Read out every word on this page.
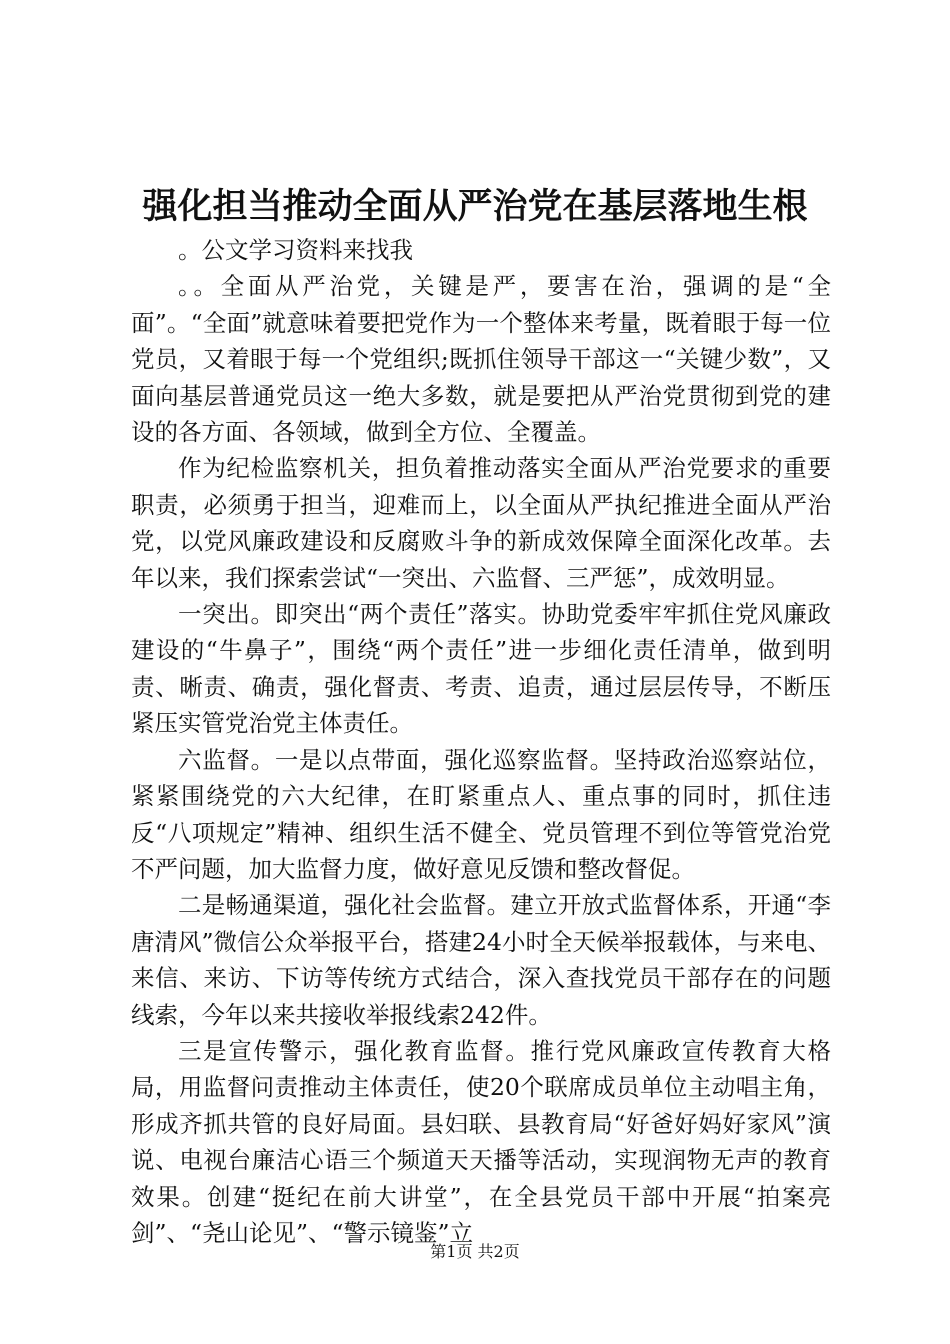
强化担当推动全面从严治党在基层落地生根

。公文学习资料来找我

。。全面从严治党，关键是严，要害在治，强调的是“全面”。“全面”就意味着要把党作为一个整体来考量，既着眼于每一位党员，又着眼于每一个党组织;既抓住领导干部这一“关键少数”，又面向基层普通党员这一绝大多数，就是要把从严治党贯彻到党的建设的各方面、各领域，做到全方位、全覆盖。

作为纪检监察机关，担负着推动落实全面从严治党要求的重要职责，必须勇于担当，迎难而上，以全面从严执纪推进全面从严治党，以党风廉政建设和反腐败斗争的新成效保障全面深化改革。去年以来，我们探索尝试“一突出、六监督、三严惩”，成效明显。

一突出。即突出“两个责任”落实。协助党委牢牢抓住党风廉政建设的“牛鼻子”，围绕“两个责任”进一步细化责任清单，做到明责、晰责、确责，强化督责、考责、追责，通过层层传导，不断压紧压实管党治党主体责任。

六监督。一是以点带面，强化巡察监督。坚持政治巡察站位，紧紧围绕党的六大纪律，在盯紧重点人、重点事的同时，抓住违反“八项规定”精神、组织生活不健全、党员管理不到位等管党治党不严问题，加大监督力度，做好意见反馈和整改督促。

二是畅通渠道，强化社会监督。建立开放式监督体系，开通“李唐清风”微信公众举报平台，搭建24小时全天候举报载体，与来电、来信、来访、下访等传统方式结合，深入查找党员干部存在的问题线索，今年以来共接收举报线索242件。

三是宣传警示，强化教育监督。推行党风廉政宣传教育大格局，用监督问责推动主体责任，使20个联席成员单位主动唱主角，形成齐抓共管的良好局面。县妇联、县教育局“好爸好妈好家风”演说、电视台廉洁心语三个频道天天播等活动，实现润物无声的教育效果。创建“挺纪在前大讲堂”，在全县党员干部中开展“拍案亮剑”、“尧山论见”、“警示镜鉴”立

第1页 共2页
